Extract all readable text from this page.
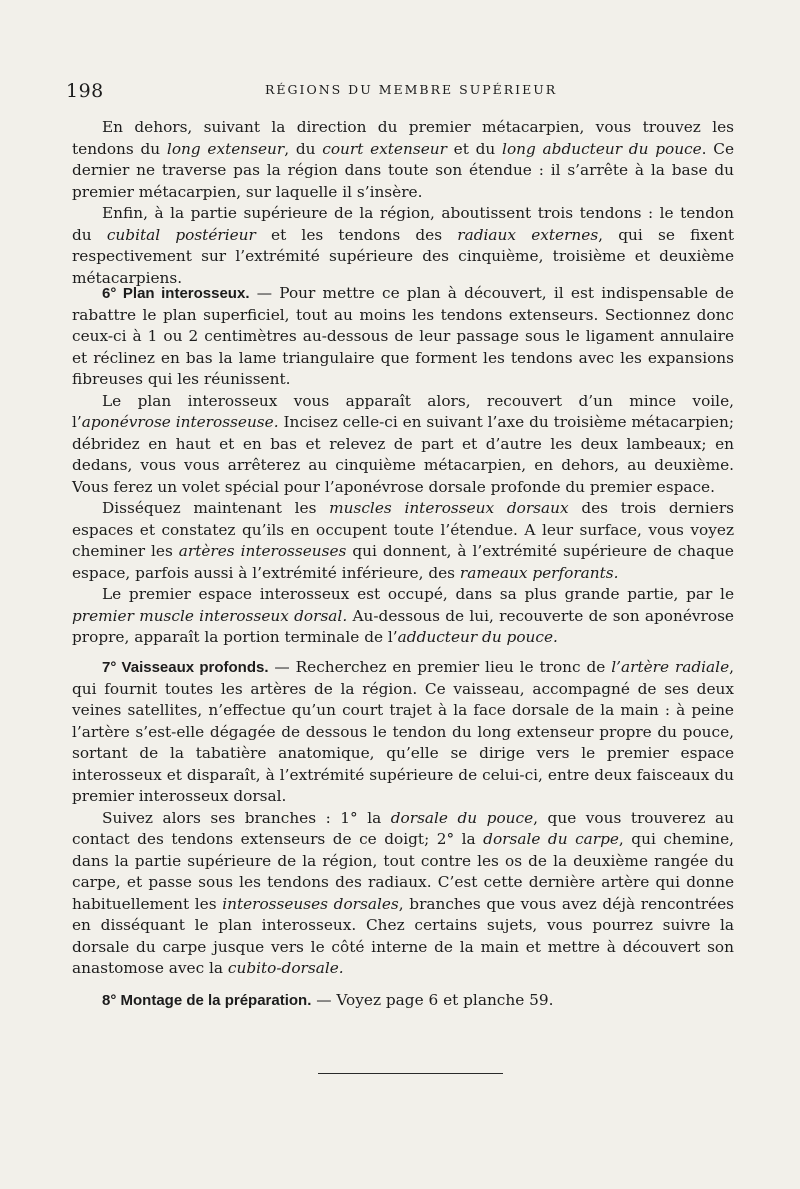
198	RÉGIONS DU MEMBRE SUPÉRIEUR

En dehors, suivant la direction du premier métacarpien, vous trouvez les tendons du long extenseur, du court extenseur et du long abducteur du pouce. Ce dernier ne traverse pas la région dans toute son étendue : il s’arrête à la base du premier métacarpien, sur laquelle il s’insère.

Enfin, à la partie supérieure de la région, aboutissent trois tendons : le tendon du cubital postérieur et les tendons des radiaux externes, qui se fixent respectivement sur l’extrémité supérieure des cinquième, troisième et deuxième métacarpiens.

6° Plan interosseux. — Pour mettre ce plan à découvert, il est indispensable de rabattre le plan superficiel, tout au moins les tendons extenseurs. Sectionnez donc ceux-ci à 1 ou 2 centimètres au-dessous de leur passage sous le ligament annulaire et réclinez en bas la lame triangulaire que forment les tendons avec les expansions fibreuses qui les réunissent.

Le plan interosseux vous apparaît alors, recouvert d’un mince voile, l’aponévrose interosseuse. Incisez celle-ci en suivant l’axe du troisième métacarpien; débridez en haut et en bas et relevez de part et d’autre les deux lambeaux; en dedans, vous vous arrêterez au cinquième métacarpien, en dehors, au deuxième. Vous ferez un volet spécial pour l’aponévrose dorsale profonde du premier espace.

Disséquez maintenant les muscles interosseux dorsaux des trois derniers espaces et constatez qu’ils en occupent toute l’étendue. A leur surface, vous voyez cheminer les artères interosseuses qui donnent, à l’extrémité supérieure de chaque espace, parfois aussi à l’extrémité inférieure, des rameaux perforants.

Le premier espace interosseux est occupé, dans sa plus grande partie, par le premier muscle interosseux dorsal. Au-dessous de lui, recouverte de son aponévrose propre, apparaît la portion terminale de l’adducteur du pouce.

7° Vaisseaux profonds. — Recherchez en premier lieu le tronc de l’artère radiale, qui fournit toutes les artères de la région. Ce vaisseau, accompagné de ses deux veines satellites, n’effectue qu’un court trajet à la face dorsale de la main : à peine l’artère s’est-elle dégagée de dessous le tendon du long extenseur propre du pouce, sortant de la tabatière anatomique, qu’elle se dirige vers le premier espace interosseux et disparaît, à l’extrémité supérieure de celui-ci, entre deux faisceaux du premier interosseux dorsal.

Suivez alors ses branches : 1° la dorsale du pouce, que vous trouverez au contact des tendons extenseurs de ce doigt; 2° la dorsale du carpe, qui chemine, dans la partie supérieure de la région, tout contre les os de la deuxième rangée du carpe, et passe sous les tendons des radiaux. C’est cette dernière artère qui donne habituellement les interosseuses dorsales, branches que vous avez déjà rencontrées en disséquant le plan interosseux. Chez certains sujets, vous pourrez suivre la dorsale du carpe jusque vers le côté interne de la main et mettre à découvert son anastomose avec la cubito-dorsale.

8° Montage de la préparation. — Voyez page 6 et planche 59.
